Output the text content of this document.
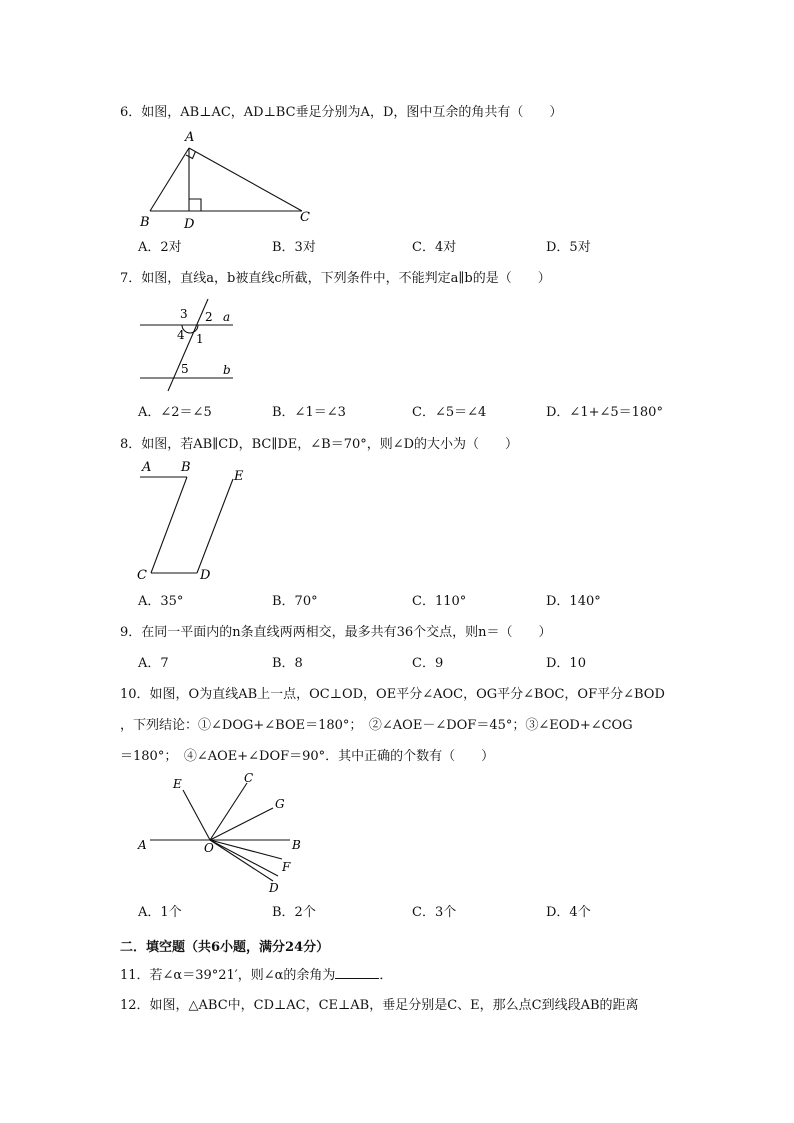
6．如图，AB⊥AC，AD⊥BC垂足分别为A，D，图中互余的角共有（　　）
A
B	D	C
A．2对	B．3对	C．4对	D．5对
7．如图，直线a，b被直线c所截，下列条件中，不能判定a∥b的是（　　）
3 2 a
4 1
5	b
A．∠2＝∠5	B．∠1＝∠3	C．∠5＝∠4	D．∠1+∠5＝180°
8．如图，若AB∥CD，BC∥DE，∠B＝70°，则∠D的大小为（　　）
A B
E
C	D
A．35°	B．70°	C．110°	D．140°
9．在同一平面内的n条直线两两相交，最多共有36个交点，则n＝（　　）
A．7	B．8	C．9	D．10
10．如图，O为直线AB上一点，OC⊥OD，OE平分∠AOC，OG平分∠BOC，OF平分∠BOD
，下列结论：①∠DOG+∠BOE＝180°；　②∠AOE－∠DOF＝45°；③∠EOD+∠COG
＝180°；　④∠AOE+∠DOF＝90°．其中正确的个数有（　　）
E	C
G
A	O	B
F
D
A．1个	B．2个	C．3个	D．4个
二．填空题（共6小题，满分24分）
11．若∠α＝39°21′，则∠α的余角为	．
12．如图，△ABC中，CD⊥AC，CE⊥AB，垂足分别是C、E，那么点C到线段AB的距离
